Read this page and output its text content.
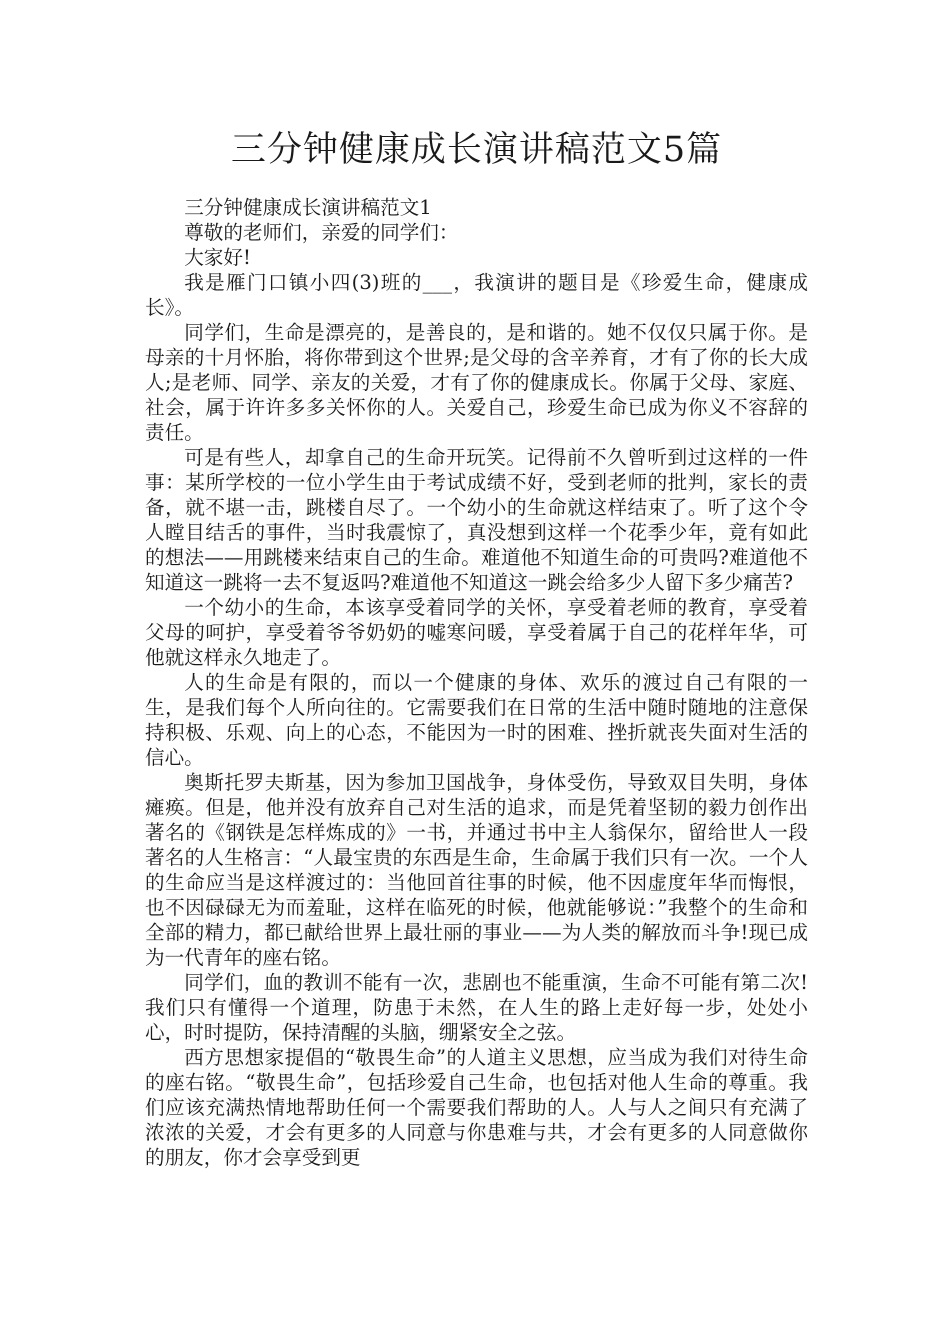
三分钟健康成长演讲稿范文5篇

三分钟健康成长演讲稿范文1

尊敬的老师们，亲爱的同学们：

大家好!

我是雁门口镇小四(3)班的___，我演讲的题目是《珍爱生命，健康成长》。

同学们，生命是漂亮的，是善良的，是和谐的。她不仅仅只属于你。是母亲的十月怀胎，将你带到这个世界;是父母的含辛养育，才有了你的长大成人;是老师、同学、亲友的关爱，才有了你的健康成长。你属于父母、家庭、社会，属于许许多多关怀你的人。关爱自己，珍爱生命已成为你义不容辞的责任。

可是有些人，却拿自己的生命开玩笑。记得前不久曾听到过这样的一件事：某所学校的一位小学生由于考试成绩不好，受到老师的批判，家长的责备，就不堪一击，跳楼自尽了。一个幼小的生命就这样结束了。听了这个令人瞠目结舌的事件，当时我震惊了，真没想到这样一个花季少年，竟有如此的想法——用跳楼来结束自己的生命。难道他不知道生命的可贵吗?难道他不知道这一跳将一去不复返吗?难道他不知道这一跳会给多少人留下多少痛苦?

一个幼小的生命，本该享受着同学的关怀，享受着老师的教育，享受着父母的呵护，享受着爷爷奶奶的嘘寒问暖，享受着属于自己的花样年华，可他就这样永久地走了。

人的生命是有限的，而以一个健康的身体、欢乐的渡过自己有限的一生，是我们每个人所向往的。它需要我们在日常的生活中随时随地的注意保持积极、乐观、向上的心态，不能因为一时的困难、挫折就丧失面对生活的信心。

奥斯托罗夫斯基，因为参加卫国战争，身体受伤，导致双目失明，身体瘫痪。但是，他并没有放弃自己对生活的追求，而是凭着坚韧的毅力创作出著名的《钢铁是怎样炼成的》一书，并通过书中主人翁保尔，留给世人一段著名的人生格言：“人最宝贵的东西是生命，生命属于我们只有一次。一个人的生命应当是这样渡过的：当他回首往事的时候，他不因虚度年华而悔恨，也不因碌碌无为而羞耻，这样在临死的时候，他就能够说：”我整个的生命和全部的精力，都已献给世界上最壮丽的事业——为人类的解放而斗争!现已成为一代青年的座右铭。

同学们，血的教训不能有一次，悲剧也不能重演，生命不可能有第二次!我们只有懂得一个道理，防患于未然，在人生的路上走好每一步，处处小心，时时提防，保持清醒的头脑，绷紧安全之弦。

西方思想家提倡的“敬畏生命”的人道主义思想，应当成为我们对待生命的座右铭。“敬畏生命”，包括珍爱自己生命，也包括对他人生命的尊重。我们应该充满热情地帮助任何一个需要我们帮助的人。人与人之间只有充满了浓浓的关爱，才会有更多的人同意与你患难与共，才会有更多的人同意做你的朋友，你才会享受到更
